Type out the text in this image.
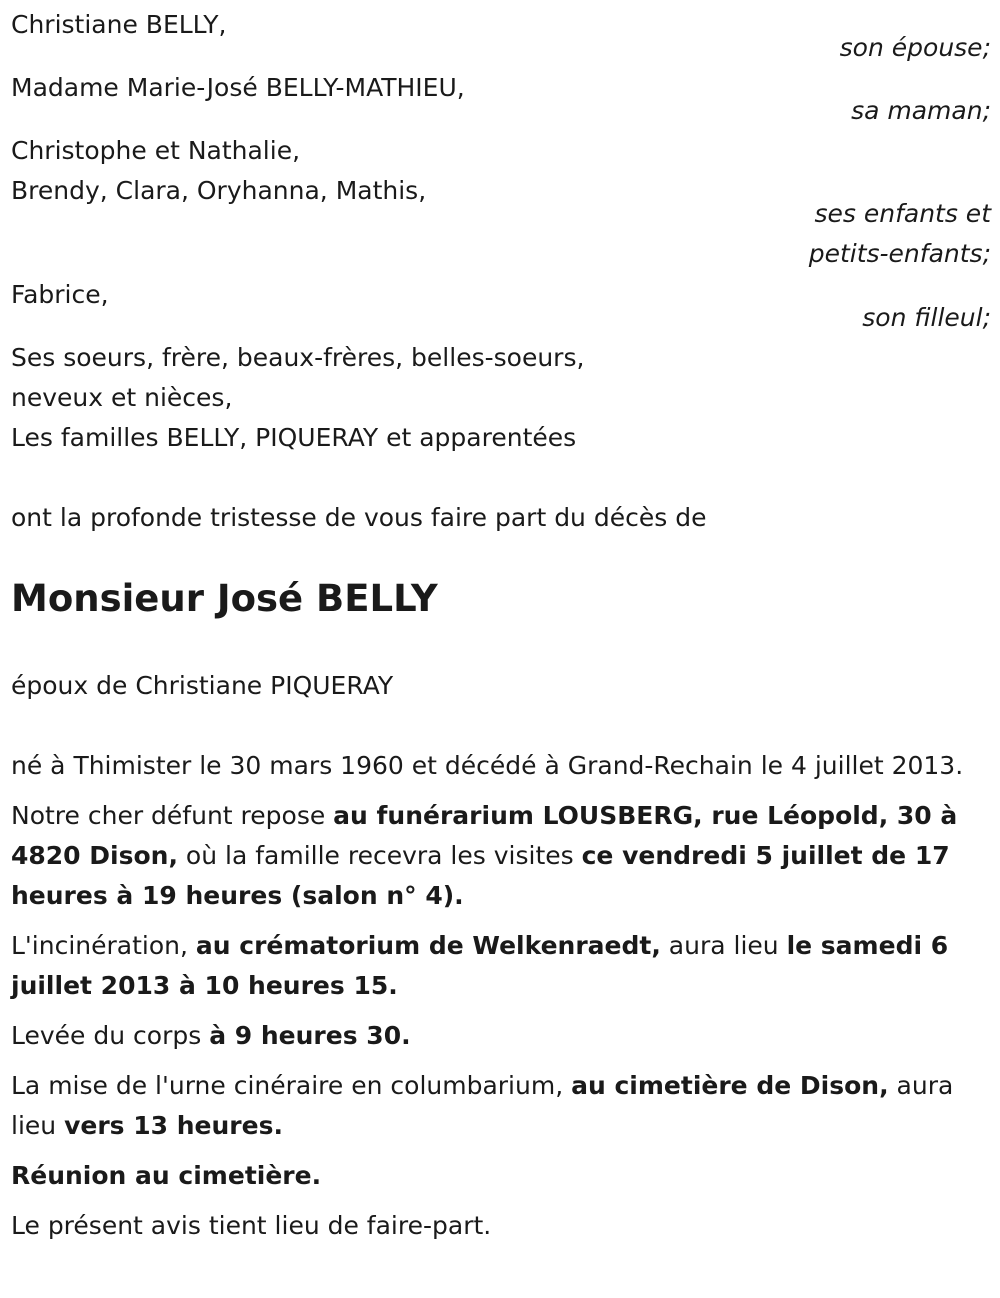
Christiane BELLY,
son épouse;
Madame Marie-José BELLY-MATHIEU,
sa maman;
Christophe et Nathalie,
Brendy, Clara, Oryhanna, Mathis,
ses enfants et
petits-enfants;
Fabrice,
son filleul;
Ses soeurs, frère, beaux-frères, belles-soeurs,
neveux et nièces,
Les familles BELLY, PIQUERAY et apparentées
ont la profonde tristesse de vous faire part du décès de
Monsieur José BELLY
époux de Christiane PIQUERAY

né à Thimister le 30 mars 1960 et décédé à Grand-Rechain le 4 juillet 2013.

Notre cher défunt repose au funérarium LOUSBERG, rue Léopold, 30 à 4820 Dison, où la famille recevra les visites ce vendredi 5 juillet de 17 heures à 19 heures (salon n° 4).

L'incinération, au crématorium de Welkenraedt, aura lieu le samedi 6 juillet 2013 à 10 heures 15.

Levée du corps à 9 heures 30.

La mise de l'urne cinéraire en columbarium, au cimetière de Dison, aura lieu vers 13 heures.

Réunion au cimetière.

Le présent avis tient lieu de faire-part.
